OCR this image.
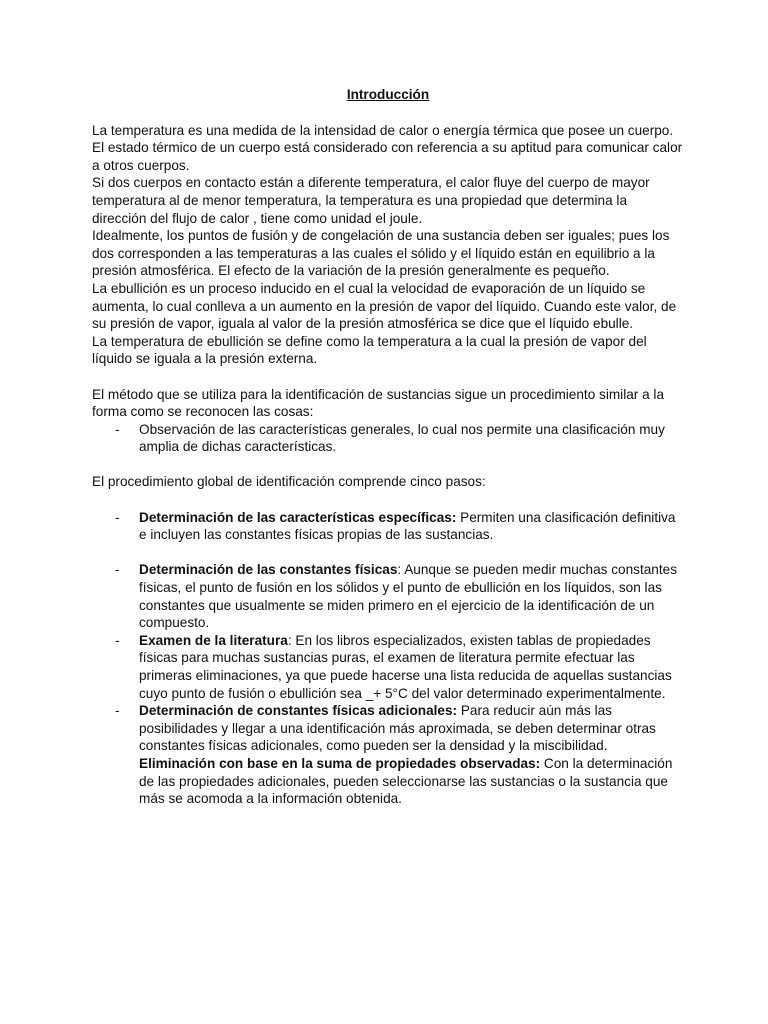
Introducción

La temperatura es una medida de la intensidad de calor o energía térmica que posee un cuerpo. El estado térmico de un cuerpo está considerado con referencia a su aptitud para comunicar calor a otros cuerpos.

Si dos cuerpos en contacto están a diferente temperatura, el calor fluye del cuerpo de mayor temperatura al de menor temperatura, la temperatura es una propiedad que determina la dirección del flujo de calor , tiene como unidad el joule.

Idealmente, los puntos de fusión y de congelación de una sustancia deben ser iguales; pues los dos corresponden a las temperaturas a las cuales el sólido y el líquido están en equilibrio a la presión atmosférica. El efecto de la variación de la presión generalmente es pequeño.

La ebullición es un proceso inducido en el cual la velocidad de evaporación de un líquido se aumenta, lo cual conlleva a un aumento en la presión de vapor del líquido. Cuando este valor, de su presión de vapor, iguala al valor de la presión atmosférica se dice que el líquido ebulle.

La temperatura de ebullición se define como la temperatura a la cual la presión de vapor del líquido se iguala a la presión externa.

El método que se utiliza para la identificación de sustancias sigue un procedimiento similar a la forma como se reconocen las cosas:

- Observación de las características generales, lo cual nos permite una clasificación muy amplia de dichas características.

El procedimiento global de identificación comprende cinco pasos:

- Determinación de las características específicas: Permiten una clasificación definitiva e incluyen las constantes físicas propias de las sustancias.
- Determinación de las constantes físicas: Aunque se pueden medir muchas constantes físicas, el punto de fusión en los sólidos y el punto de ebullición en los líquidos, son las constantes que usualmente se miden primero en el ejercicio de la identificación de un compuesto.
- Examen de la literatura: En los libros especializados, existen tablas de propiedades físicas para muchas sustancias puras, el examen de literatura permite efectuar las primeras eliminaciones, ya que puede hacerse una lista reducida de aquellas sustancias cuyo punto de fusión o ebullición sea _+ 5°C del valor determinado experimentalmente.
- Determinación de constantes físicas adicionales: Para reducir aún más las posibilidades y llegar a una identificación más aproximada, se deben determinar otras constantes físicas adicionales, como pueden ser la densidad y la miscibilidad.

Eliminación con base en la suma de propiedades observadas: Con la determinación de las propiedades adicionales, pueden seleccionarse las sustancias o la sustancia que más se acomoda a la información obtenida.
